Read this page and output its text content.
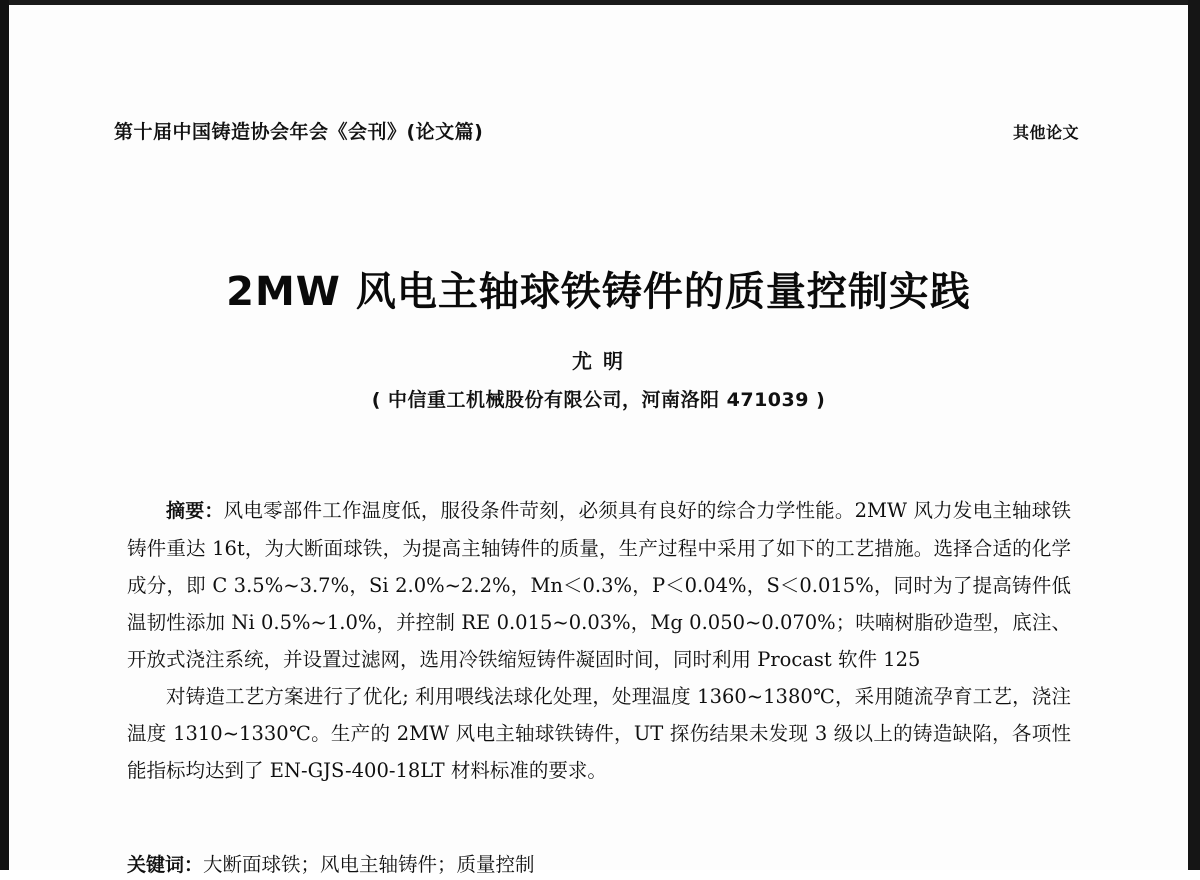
第十届中国铸造协会年会《会刊》(论文篇)	其他论文
2MW 风电主轴球铁铸件的质量控制实践
尤 明
( 中信重工机械股份有限公司，河南洛阳 471039 )

摘要：风电零部件工作温度低，服役条件苛刻，必须具有良好的综合力学性能。2MW 风力发电主轴球铁铸件重达 16t，为大断面球铁，为提高主轴铸件的质量，生产过程中采用了如下的工艺措施。选择合适的化学成分，即 C 3.5%~3.7%，Si 2.0%~2.2%，Mn＜0.3%，P＜0.04%，S＜0.015%，同时为了提高铸件低温韧性添加 Ni 0.5%~1.0%，并控制 RE 0.015~0.03%，Mg 0.050~0.070%；呋喃树脂砂造型，底注、开放式浇注系统，并设置过滤网，选用冷铁缩短铸件凝固时间，同时利用 Procast 软件 125

对铸造工艺方案进行了优化; 利用喂线法球化处理，处理温度 1360~1380℃，采用随流孕育工艺，浇注温度 1310~1330℃。生产的 2MW 风电主轴球铁铸件，UT 探伤结果未发现 3 级以上的铸造缺陷，各项性能指标均达到了 EN-GJS-400-18LT 材料标准的要求。

关键词：大断面球铁；风电主轴铸件；质量控制
